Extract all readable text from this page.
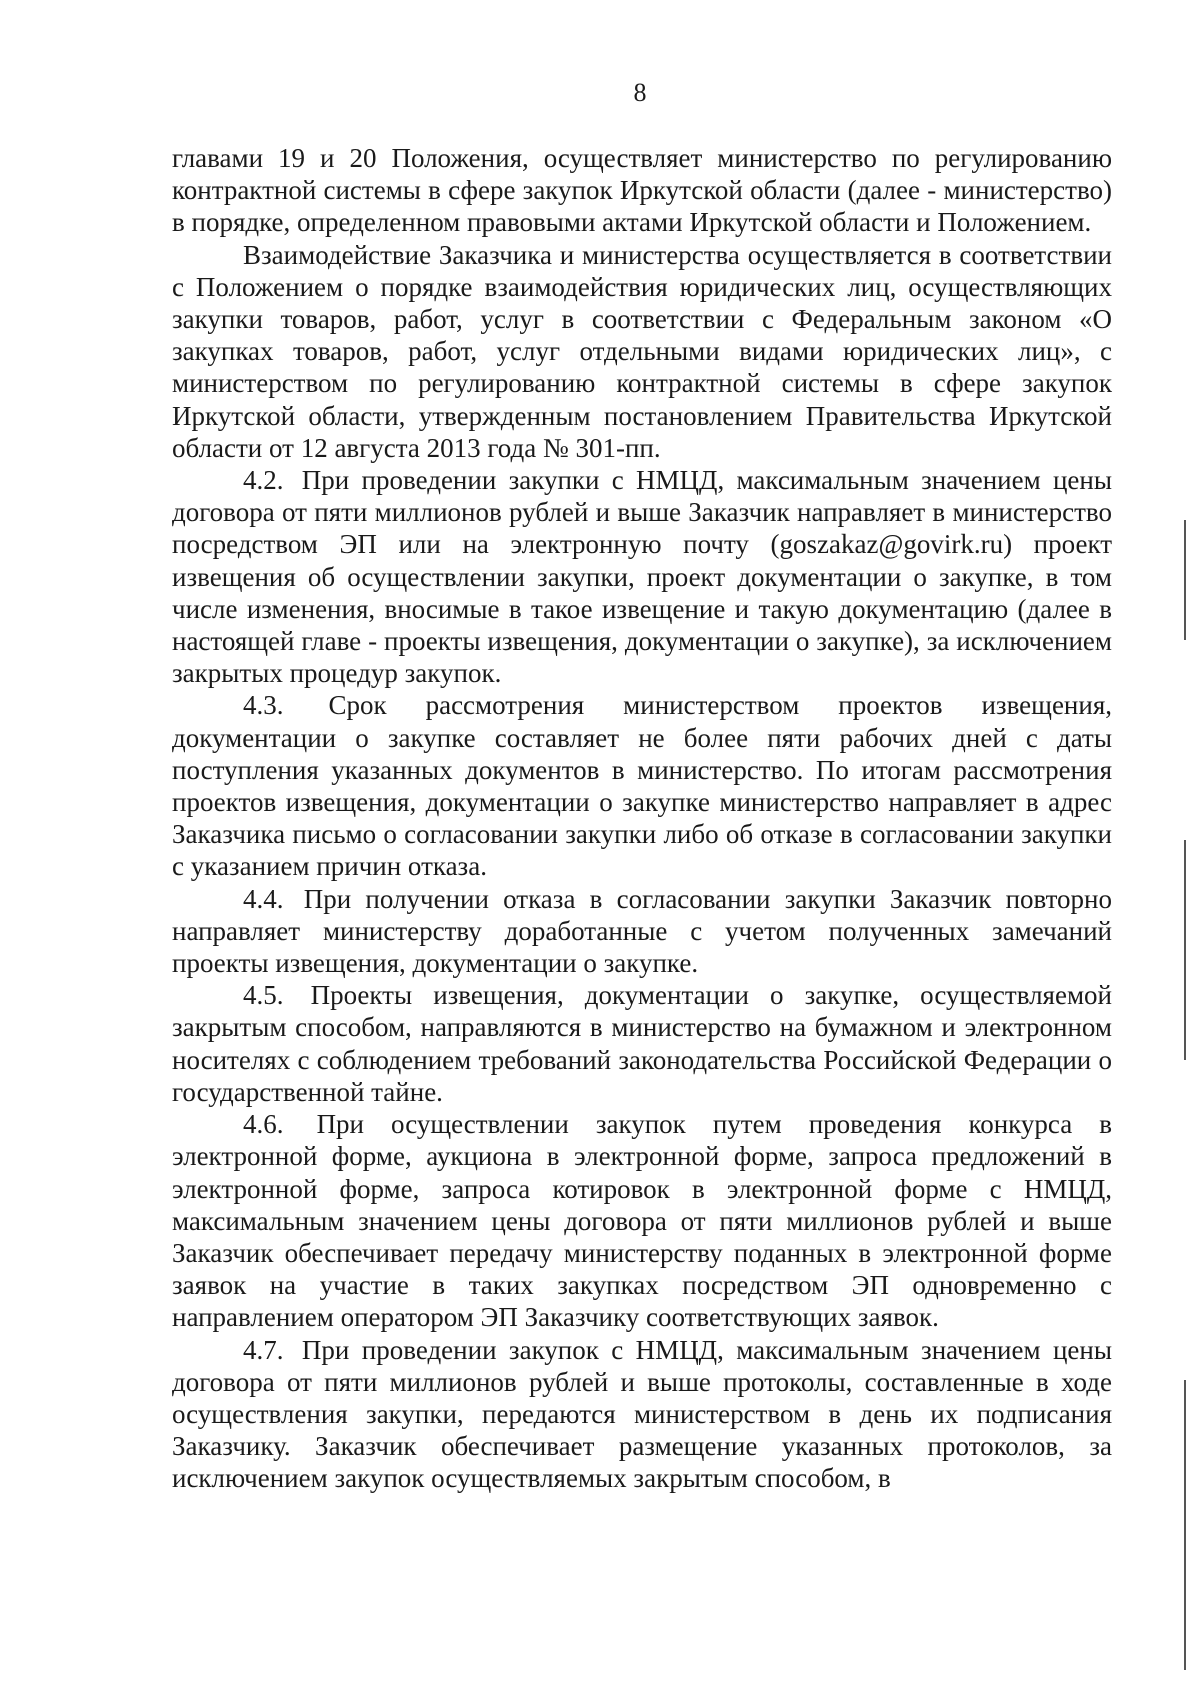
8

главами 19 и 20 Положения, осуществляет министерство по регулированию контрактной системы в сфере закупок Иркутской области (далее - министерство) в порядке, определенном правовыми актами Иркутской области и Положением.

Взаимодействие Заказчика и министерства осуществляется в соответствии с Положением о порядке взаимодействия юридических лиц, осуществляющих закупки товаров, работ, услуг в соответствии с Федеральным законом «О закупках товаров, работ, услуг отдельными видами юридических лиц», с министерством по регулированию контрактной системы в сфере закупок Иркутской области, утвержденным постановлением Правительства Иркутской области от 12 августа 2013 года № 301-пп.

4.2. При проведении закупки с НМЦД, максимальным значением цены договора от пяти миллионов рублей и выше Заказчик направляет в министерство посредством ЭП или на электронную почту (goszakaz@govirk.ru) проект извещения об осуществлении закупки, проект документации о закупке, в том числе изменения, вносимые в такое извещение и такую документацию (далее в настоящей главе - проекты извещения, документации о закупке), за исключением закрытых процедур закупок.

4.3. Срок рассмотрения министерством проектов извещения, документации о закупке составляет не более пяти рабочих дней с даты поступления указанных документов в министерство. По итогам рассмотрения проектов извещения, документации о закупке министерство направляет в адрес Заказчика письмо о согласовании закупки либо об отказе в согласовании закупки с указанием причин отказа.

4.4. При получении отказа в согласовании закупки Заказчик повторно направляет министерству доработанные с учетом полученных замечаний проекты извещения, документации о закупке.

4.5. Проекты извещения, документации о закупке, осуществляемой закрытым способом, направляются в министерство на бумажном и электронном носителях с соблюдением требований законодательства Российской Федерации о государственной тайне.

4.6. При осуществлении закупок путем проведения конкурса в электронной форме, аукциона в электронной форме, запроса предложений в электронной форме, запроса котировок в электронной форме с НМЦД, максимальным значением цены договора от пяти миллионов рублей и выше Заказчик обеспечивает передачу министерству поданных в электронной форме заявок на участие в таких закупках посредством ЭП одновременно с направлением оператором ЭП Заказчику соответствующих заявок.

4.7. При проведении закупок с НМЦД, максимальным значением цены договора от пяти миллионов рублей и выше протоколы, составленные в ходе осуществления закупки, передаются министерством в день их подписания Заказчику. Заказчик обеспечивает размещение указанных протоколов, за исключением закупок осуществляемых закрытым способом, в
